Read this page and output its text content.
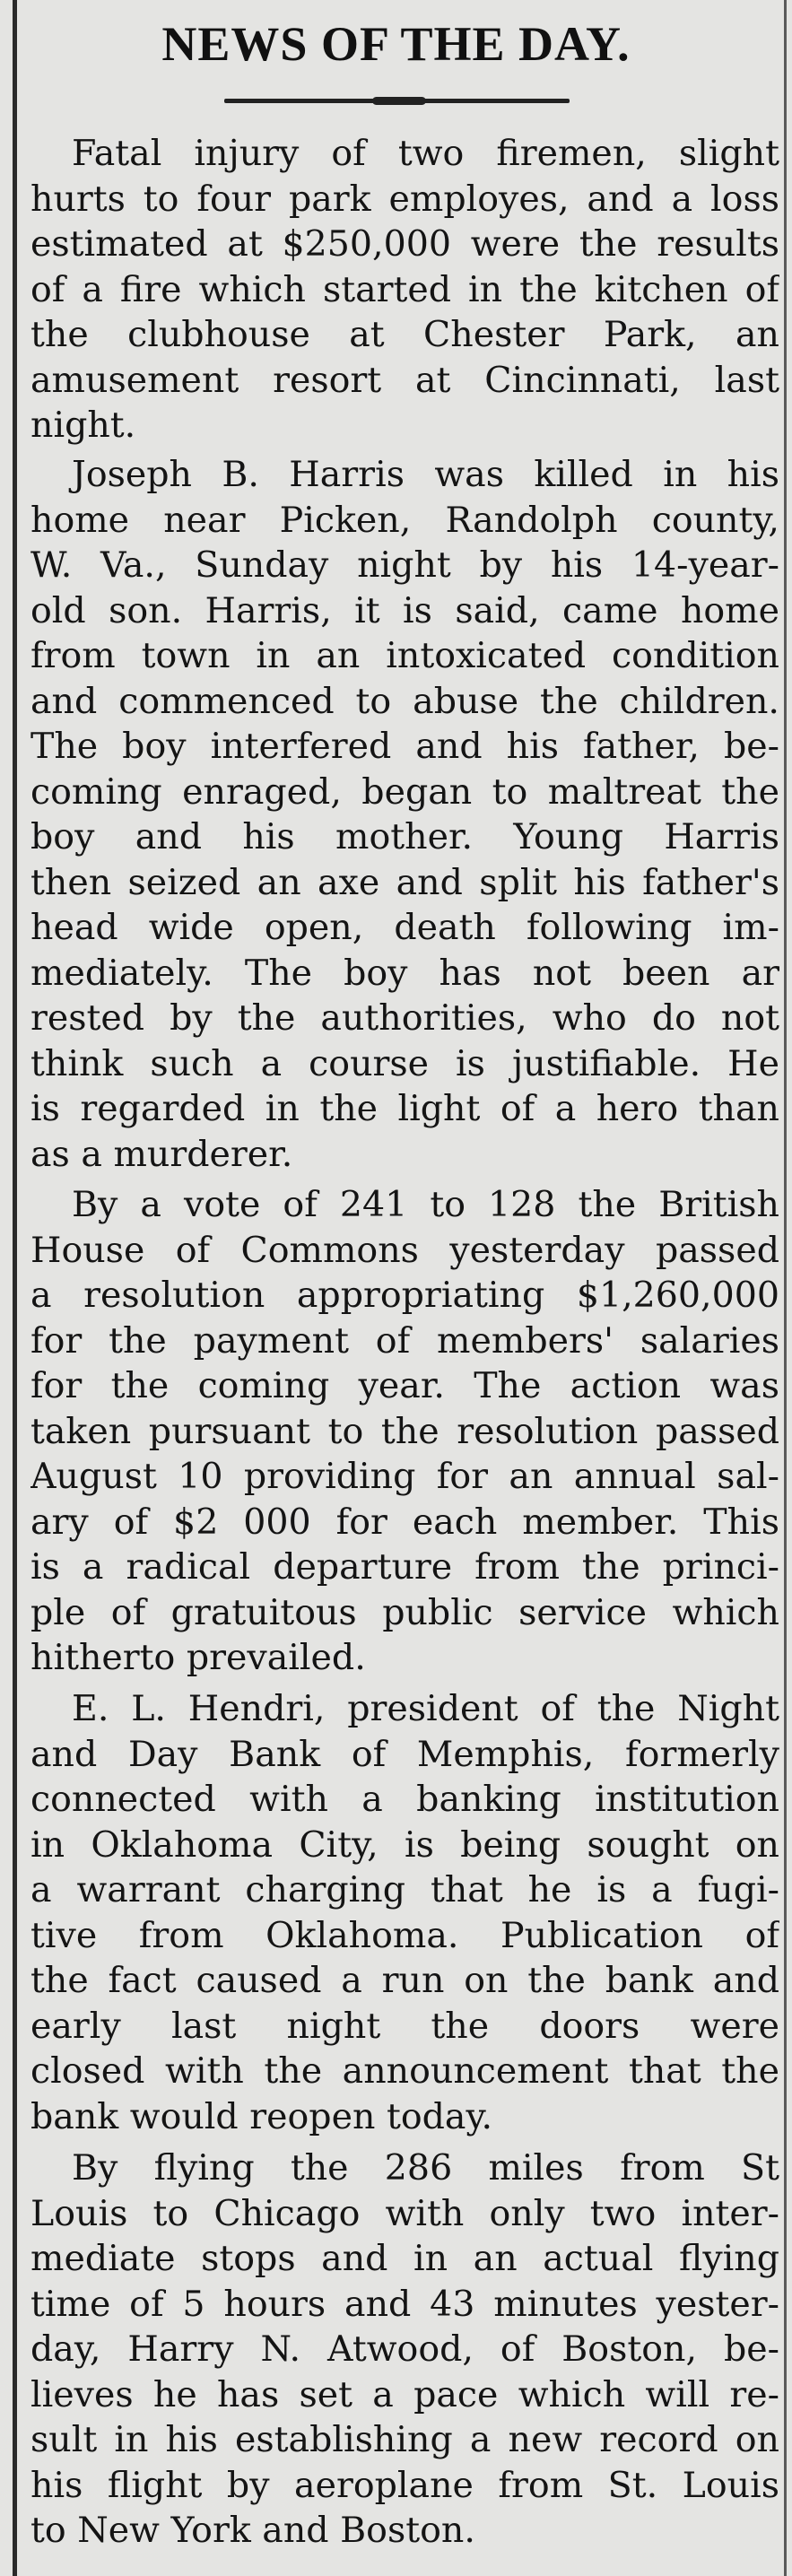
NEWS OF THE DAY.
Fatal injury of two firemen, slight
hurts to four park employes, and a loss
estimated at $250,000 were the results
of a fire which started in the kitchen of
the clubhouse at Chester Park, an
amusement resort at Cincinnati, last
night.
Joseph B. Harris was killed in his
home near Picken, Randolph county,
W. Va., Sunday night by his 14-year-
old son. Harris, it is said, came home
from town in an intoxicated condition
and commenced to abuse the children.
The boy interfered and his father, be-
coming enraged, began to maltreat the
boy and his mother. Young Harris
then seized an axe and split his father's
head wide open, death following im-
mediately. The boy has not been ar
rested by the authorities, who do not
think such a course is justifiable. He
is regarded in the light of a hero than
as a murderer.
By a vote of 241 to 128 the British
House of Commons yesterday passed
a resolution appropriating $1,260,000
for the payment of members' salaries
for the coming year. The action was
taken pursuant to the resolution passed
August 10 providing for an annual sal-
ary of $2 000 for each member. This
is a radical departure from the princi-
ple of gratuitous public service which
hitherto prevailed.
E. L. Hendri, president of the Night
and Day Bank of Memphis, formerly
connected with a banking institution
in Oklahoma City, is being sought on
a warrant charging that he is a fugi-
tive from Oklahoma. Publication of
the fact caused a run on the bank and
early last night the doors were
closed with the announcement that the
bank would reopen today.
By flying the 286 miles from St
Louis to Chicago with only two inter-
mediate stops and in an actual flying
time of 5 hours and 43 minutes yester-
day, Harry N. Atwood, of Boston, be-
lieves he has set a pace which will re-
sult in his establishing a new record on
his flight by aeroplane from St. Louis
to New York and Boston.
